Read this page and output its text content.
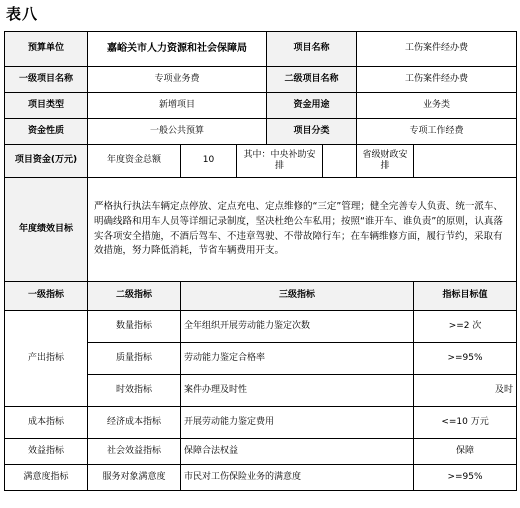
表八
预算单位	嘉峪关市人力资源和社会保障局			项目名称		工伤案件经办费	
一级项目名称	专项业务费			二级项目名称		工伤案件经办费	
项目类型	新增项目			资金用途		业务类	
资金性质	一般公共预算			项目分类		专项工作经费	
项目资金(万元)	年度资金总额	10	其中：中央补助安排			省级财政安排	
年度绩效目标	严格执行执法车辆定点停放、定点充电、定点维修的“三定”管理；健全完善专人负责、统一派车、明确线路和用车人员等详细记录制度，坚决杜绝公车私用；按照“谁开车、谁负责”的原则，认真落实各项安全措施，不酒后驾车、不违章驾驶、不带故障行车；在车辆维修方面，履行节约，采取有效措施，努力降低消耗，节省车辆费用开支。						
一级指标	二级指标	三级指标					指标目标值
产出指标	数量指标	全年组织开展劳动能力鉴定次数					>=2 次
	质量指标	劳动能力鉴定合格率					>=95%
	时效指标	案件办理及时性					及时
成本指标	经济成本指标	开展劳动能力鉴定费用					<=10 万元
效益指标	社会效益指标	保障合法权益					保障
满意度指标	服务对象满意度	市民对工伤保险业务的满意度					>=95%
